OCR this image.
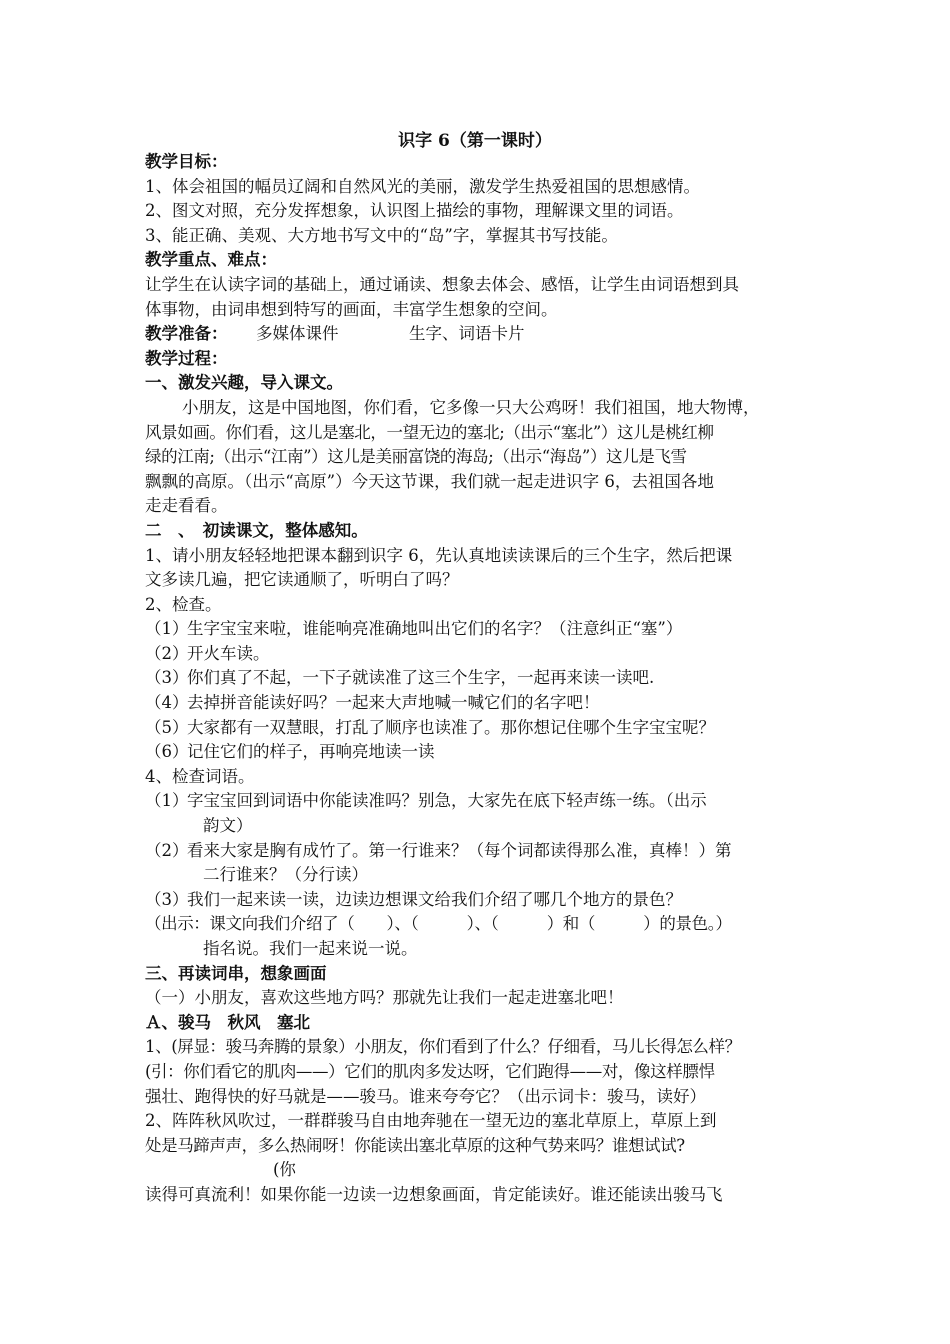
识字 6（第一课时）
教学目标：
1、体会祖国的幅员辽阔和自然风光的美丽，激发学生热爱祖国的思想感情。
2、图文对照，充分发挥想象，认识图上描绘的事物，理解课文里的词语。
3、能正确、美观、大方地书写文中的“岛”字，掌握其书写技能。
教学重点、难点：
让学生在认读字词的基础上，通过诵读、想象去体会、感悟，让学生由词语想到具
体事物，由词串想到特写的画面，丰富学生想象的空间。
教学准备： 多媒体课件	生字、词语卡片
教学过程：
一、激发兴趣，导入课文。
小朋友，这是中国地图，你们看，它多像一只大公鸡呀！我们祖国，地大物博，
风景如画。你们看，这儿是塞北，一望无边的塞北;（出示“塞北”）这儿是桃红柳
绿的江南;（出示“江南”）这儿是美丽富饶的海岛;（出示“海岛”）这儿是飞雪
飘飘的高原。（出示“高原”）今天这节课，我们就一起走进识字 6，去祖国各地
走走看看。
二　、　初读课文，整体感知。
1、请小朋友轻轻地把课本翻到识字 6，先认真地读读课后的三个生字，然后把课
文多读几遍，把它读通顺了，听明白了吗？
2、检查。
（1）
生字宝宝来啦，谁能响亮准确地叫出它们的名字？（注意纠正“塞”）
（2）
开火车读。
（3）
你们真了不起，一下子就读准了这三个生字，一起再来读一读吧.
（4）
去掉拼音能读好吗？一起来大声地喊一喊它们的名字吧！
（5）
大家都有一双慧眼，打乱了顺序也读准了。那你想记住哪个生字宝宝呢？
（6）
记住它们的样子，再响亮地读一读
4、检查词语。
（1）
字宝宝回到词语中你能读准吗？别急，大家先在底下轻声练一练。（出示
韵文）
（2）
看来大家是胸有成竹了。第一行谁来？（每个词都读得那么准，真棒！）第
二行谁来？（分行读）
（3）
我们一起来读一读，边读边想课文给我们介绍了哪几个地方的景色？
（出示：课文向我们介绍了（　　）、（　　　）、（　　　）和（　　　）的景色。）
指名说。我们一起来说一说。
三、再读词串，想象画面
（一）小朋友，喜欢这些地方吗？那就先让我们一起走进塞北吧！
Ａ、骏马　秋风　塞北
1、(屏显：骏马奔腾的景象）小朋友，你们看到了什么？仔细看，马儿长得怎么样？
(引：你们看它的肌肉——）它们的肌肉多发达呀，它们跑得——对，像这样膘悍
强壮、跑得快的好马就是——骏马。谁来夸夸它？（出示词卡：骏马，读好）
2、阵阵秋风吹过，一群群骏马自由地奔驰在一望无边的塞北草原上，草原上到
处是马蹄声声，多么热闹呀！你能读出塞北草原的这种气势来吗？谁想试试?
(你
读得可真流利！如果你能一边读一边想象画面，肯定能读好。谁还能读出骏马飞
